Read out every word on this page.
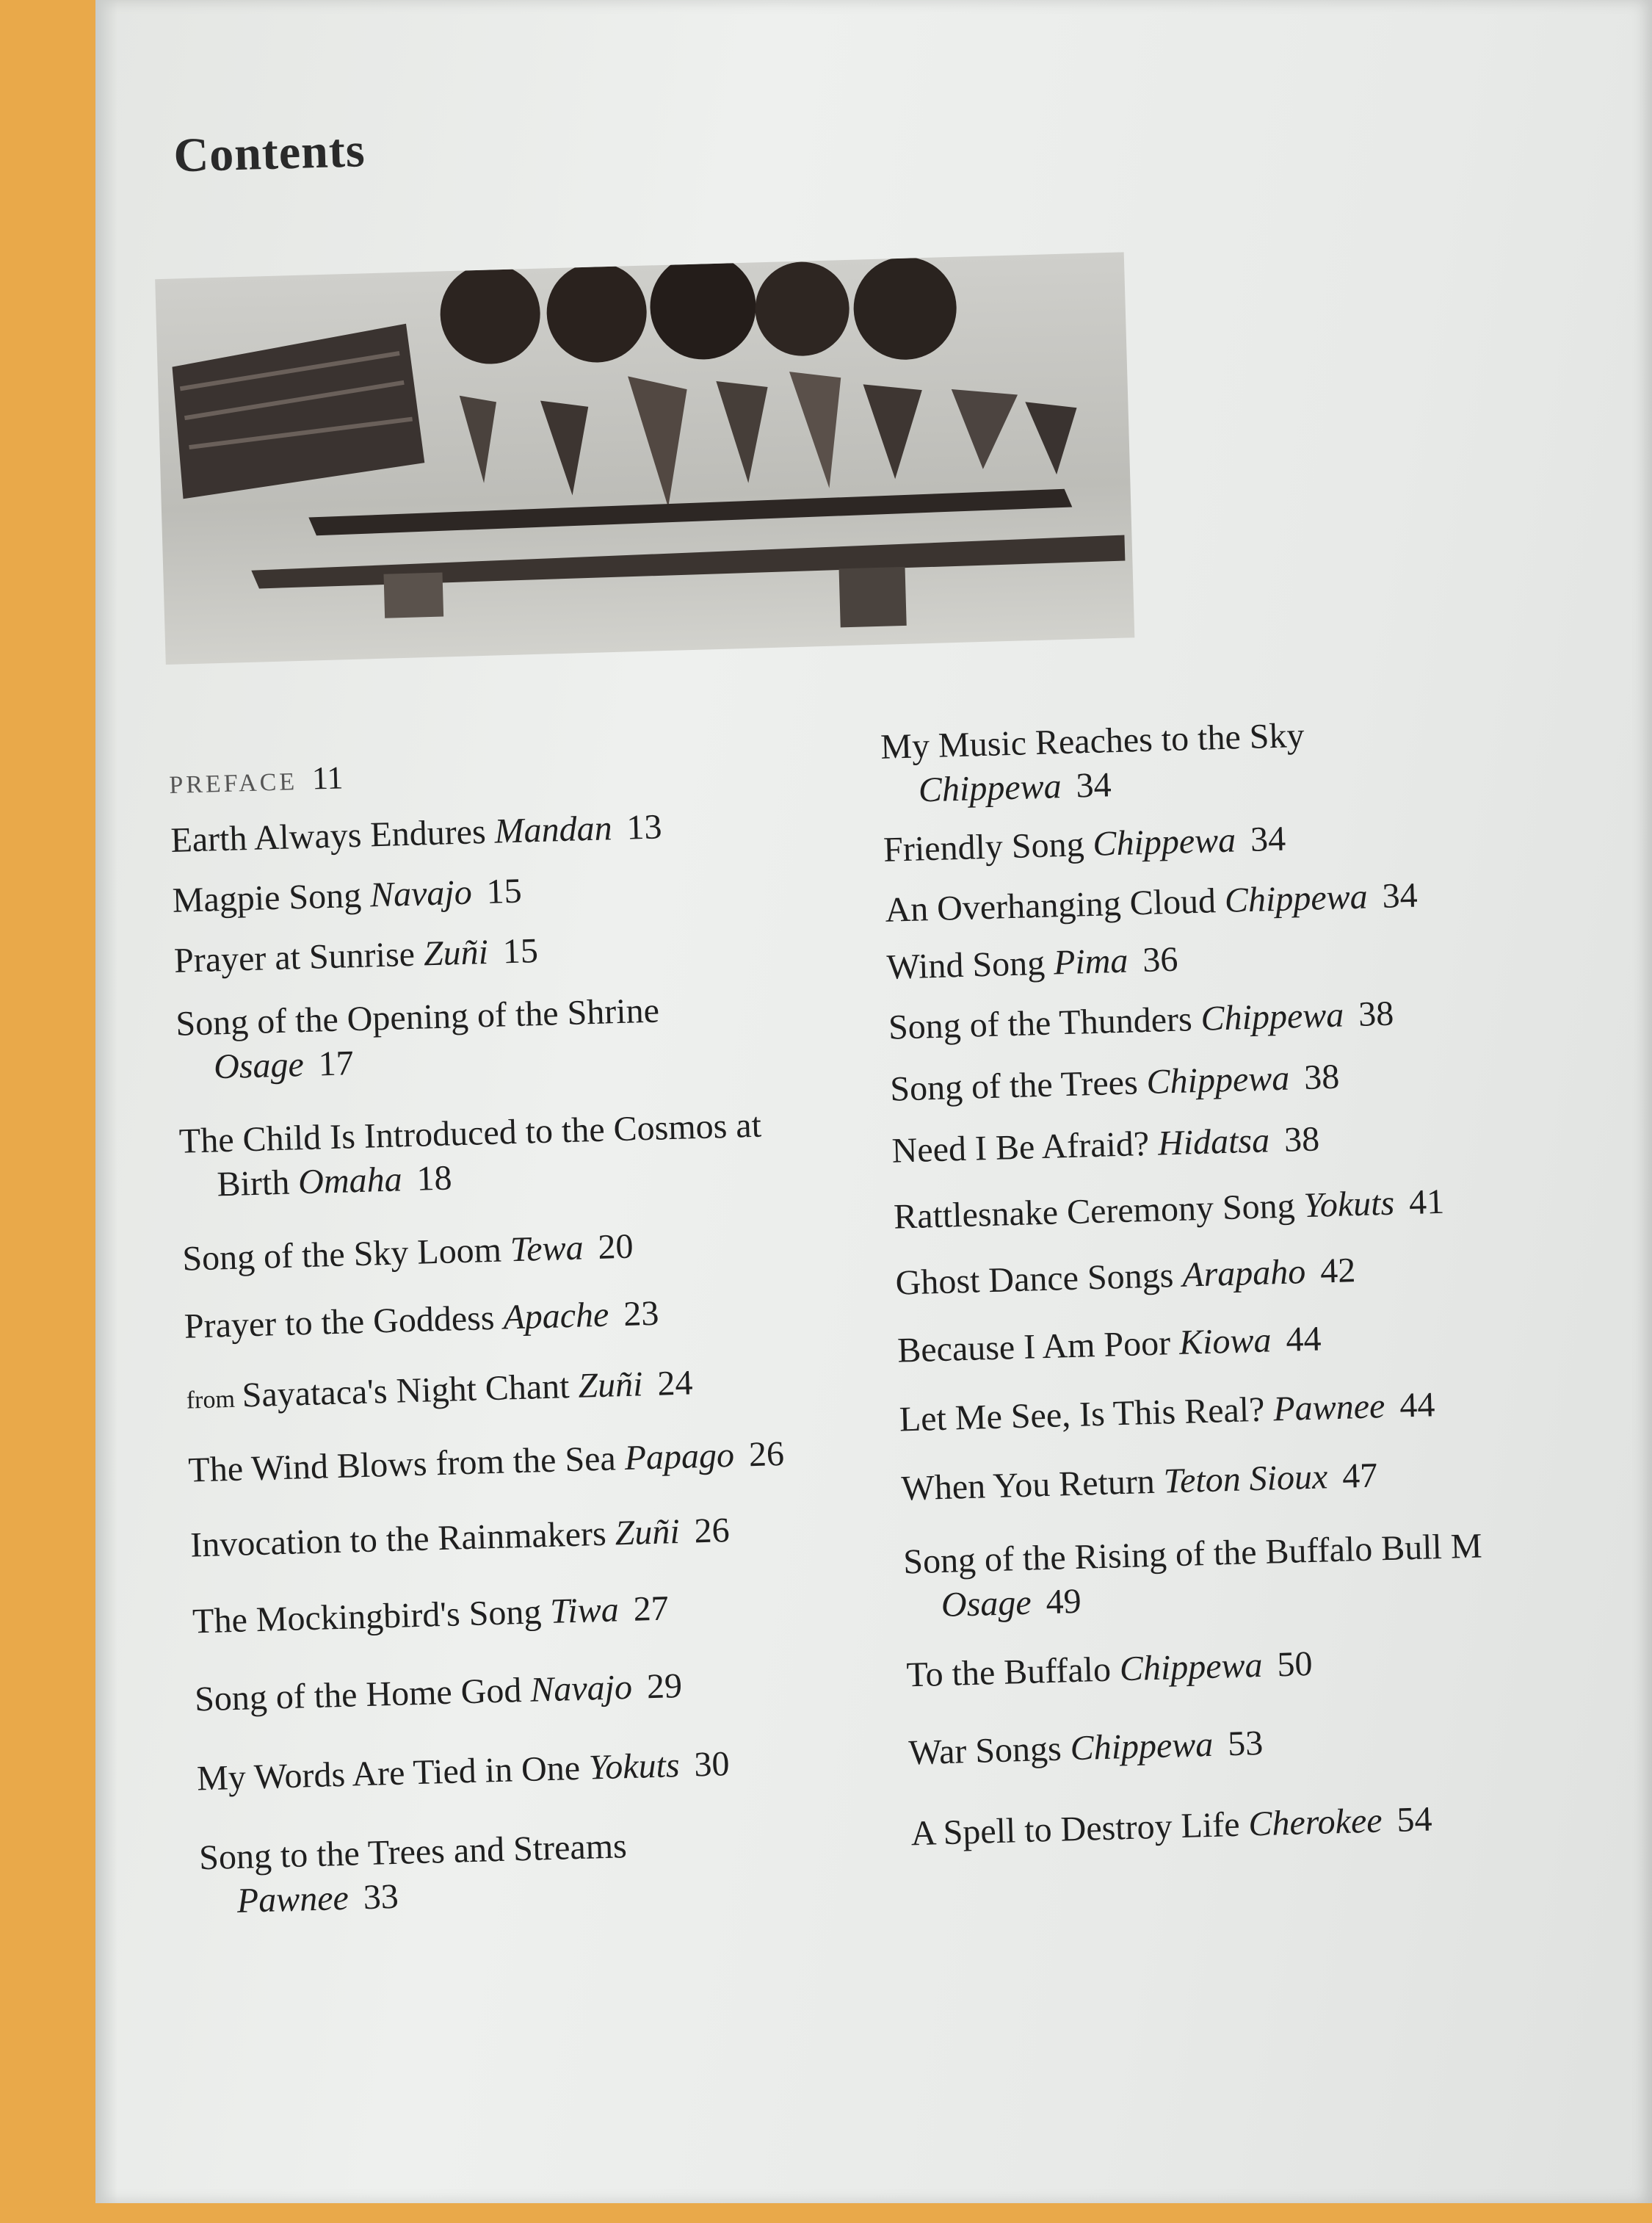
Contents
PREFACE 11
Earth Always Endures Mandan 13
Magpie Song Navajo 15
Prayer at Sunrise Zuñi 15
Song of the Opening of the Shrine
Osage 17
The Child Is Introduced to the Cosmos at
Birth Omaha 18
Song of the Sky Loom Tewa 20
Prayer to the Goddess Apache 23
from Sayataca's Night Chant Zuñi 24
The Wind Blows from the Sea Papago 26
Invocation to the Rainmakers Zuñi 26
The Mockingbird's Song Tiwa 27
Song of the Home God Navajo 29
My Words Are Tied in One Yokuts 30
Song to the Trees and Streams
Pawnee 33
My Music Reaches to the Sky
Chippewa 34
Friendly Song Chippewa 34
An Overhanging Cloud Chippewa 34
Wind Song Pima 36
Song of the Thunders Chippewa 38
Song of the Trees Chippewa 38
Need I Be Afraid? Hidatsa 38
Rattlesnake Ceremony Song Yokuts 41
Ghost Dance Songs Arapaho 42
Because I Am Poor Kiowa 44
Let Me See, Is This Real? Pawnee 44
When You Return Teton Sioux 47
Song of the Rising of the Buffalo Bull M
Osage 49
To the Buffalo Chippewa 50
War Songs Chippewa 53
A Spell to Destroy Life Cherokee 54
